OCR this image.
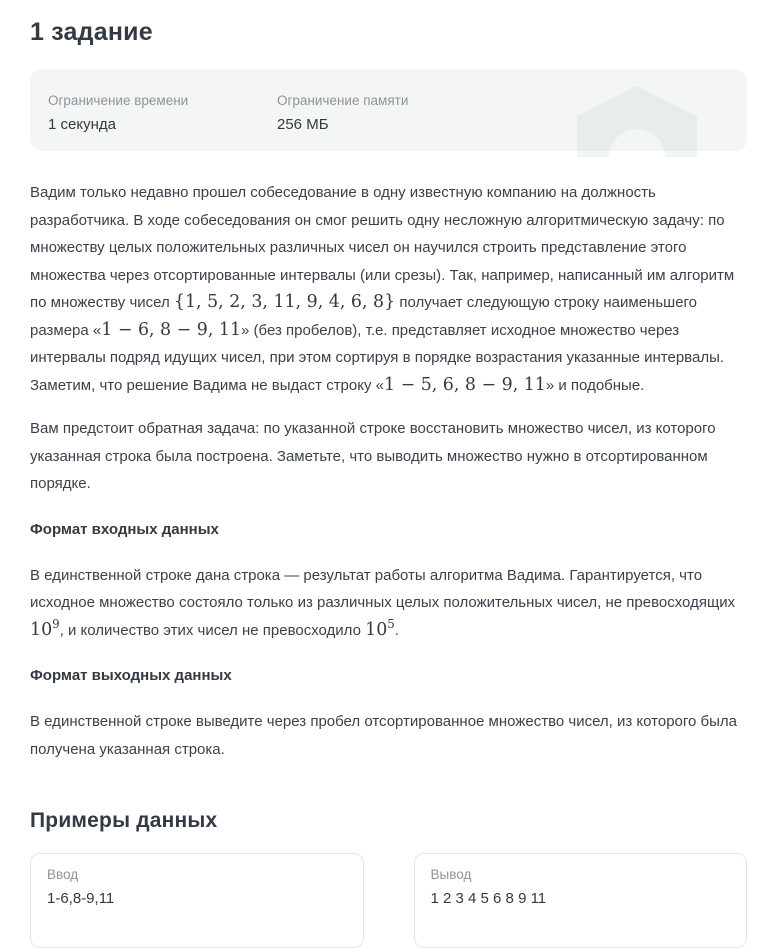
1 задание
Ограничение времени
1 секунда
Ограничение памяти
256 МБ

Вадим только недавно прошел собеседование в одну известную компанию на должность разработчика. В ходе собеседования он смог решить одну несложную алгоритмическую задачу: по множеству целых положительных различных чисел он научился строить представление этого множества через отсортированные интервалы (или срезы). Так, например, написанный им алгоритм по множеству чисел {1, 5, 2, 3, 11, 9, 4, 6, 8} получает следующую строку наименьшего размера «1 − 6, 8 − 9, 11» (без пробелов), т.е. представляет исходное множество через интервалы подряд идущих чисел, при этом сортируя в порядке возрастания указанные интервалы. Заметим, что решение Вадима не выдаст строку «1 − 5, 6, 8 − 9, 11» и подобные.

Вам предстоит обратная задача: по указанной строке восстановить множество чисел, из которого указанная строка была построена. Заметьте, что выводить множество нужно в отсортированном порядке.

Формат входных данных

В единственной строке дана строка — результат работы алгоритма Вадима. Гарантируется, что исходное множество состояло только из различных целых положительных чисел, не превосходящих $10^9$, и количество этих чисел не превосходило $10^5$.

Формат выходных данных

В единственной строке выведите через пробел отсортированное множество чисел, из которого была получена указанная строка.

Примеры данных
Ввод
1-6,8-9,11
Вывод
1 2 3 4 5 6 8 9 11
